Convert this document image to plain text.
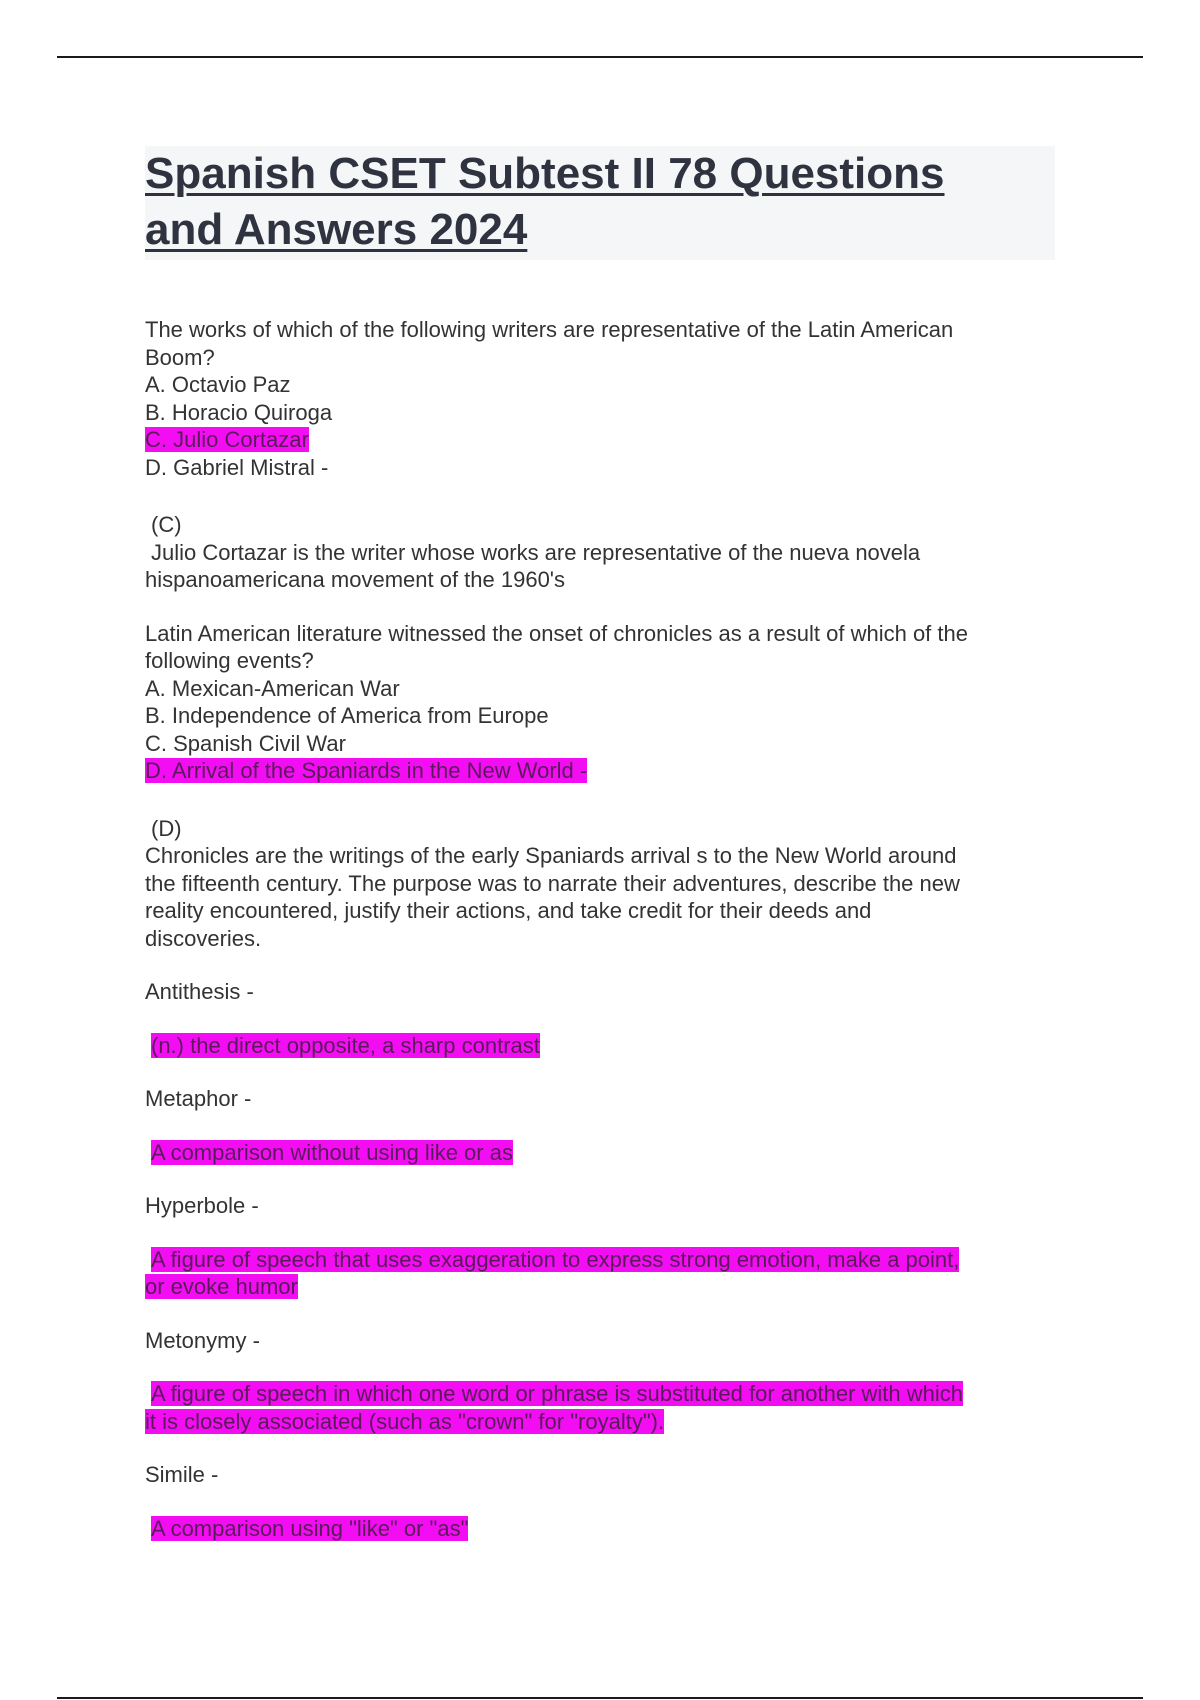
Spanish CSET Subtest II 78 Questions
and Answers 2024
The works of which of the following writers are representative of the Latin American
Boom?
A. Octavio Paz
B. Horacio Quiroga
C. Julio Cortazar
D. Gabriel Mistral -
(C)
Julio Cortazar is the writer whose works are representative of the nueva novela
hispanoamericana movement of the 1960's
Latin American literature witnessed the onset of chronicles as a result of which of the
following events?
A. Mexican-American War
B. Independence of America from Europe
C. Spanish Civil War
D. Arrival of the Spaniards in the New World -
(D)
Chronicles are the writings of the early Spaniards arrival s to the New World around
the fifteenth century. The purpose was to narrate their adventures, describe the new
reality encountered, justify their actions, and take credit for their deeds and
discoveries.
Antithesis -
(n.) the direct opposite, a sharp contrast
Metaphor -
A comparison without using like or as
Hyperbole -
A figure of speech that uses exaggeration to express strong emotion, make a point,
or evoke humor
Metonymy -
A figure of speech in which one word or phrase is substituted for another with which
it is closely associated (such as "crown" for "royalty").
Simile -
A comparison using "like" or "as"
